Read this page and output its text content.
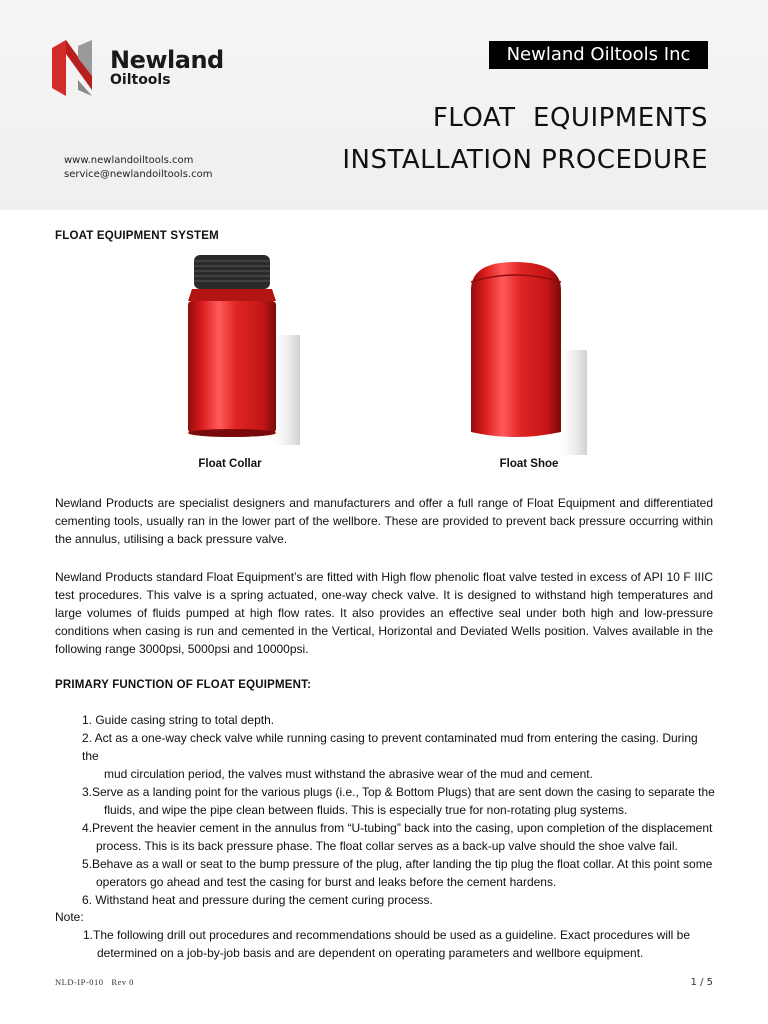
Newland
Oiltools
Newland Oiltools Inc
FLOAT  EQUIPMENTS
INSTALLATION PROCEDURE
www.newlandoiltools.com
service@newlandoiltools.com
FLOAT EQUIPMENT SYSTEM
Float Collar	Float Shoe
Newland Products are specialist designers and manufacturers and offer a full range of Float Equipment and differentiated cementing tools, usually ran in the lower part of the wellbore. These are provided to prevent back pressure occurring within the annulus, utilising a back pressure valve.
Newland Products standard Float Equipment’s are fitted with High flow phenolic float valve tested in excess of API 10 F IIIC test procedures. This valve is a spring actuated, one-way check valve. It is designed to withstand high temperatures and large volumes of fluids pumped at high flow rates. It also provides an effective seal under both high and low-pressure conditions when casing is run and cemented in the Vertical, Horizontal and Deviated Wells position. Valves available in the following range 3000psi, 5000psi and 10000psi.
PRIMARY FUNCTION OF FLOAT EQUIPMENT:
1. Guide casing string to total depth.
2. Act as a one-way check valve while running casing to prevent contaminated mud from entering the casing. During the
mud circulation period, the valves must withstand the abrasive wear of the mud and cement.
3.Serve as a landing point for the various plugs (i.e., Top & Bottom Plugs) that are sent down the casing to separate the
fluids, and wipe the pipe clean between fluids. This is especially true for non-rotating plug systems.
4.Prevent the heavier cement in the annulus from “U-tubing” back into the casing, upon completion of the displacement
process. This is its back pressure phase. The float collar serves as a back-up valve should the shoe valve fail.
5.Behave as a wall or seat to the bump pressure of the plug, after landing the tip plug the float collar. At this point some
operators go ahead and test the casing for burst and leaks before the cement hardens.
6. Withstand heat and pressure during the cement curing process.
Note:
1.The following drill out procedures and recommendations should be used as a guideline. Exact procedures will be
determined on a job-by-job basis and are dependent on operating parameters and wellbore equipment.
NLD-IP-010   Rev 0	1 / 5
